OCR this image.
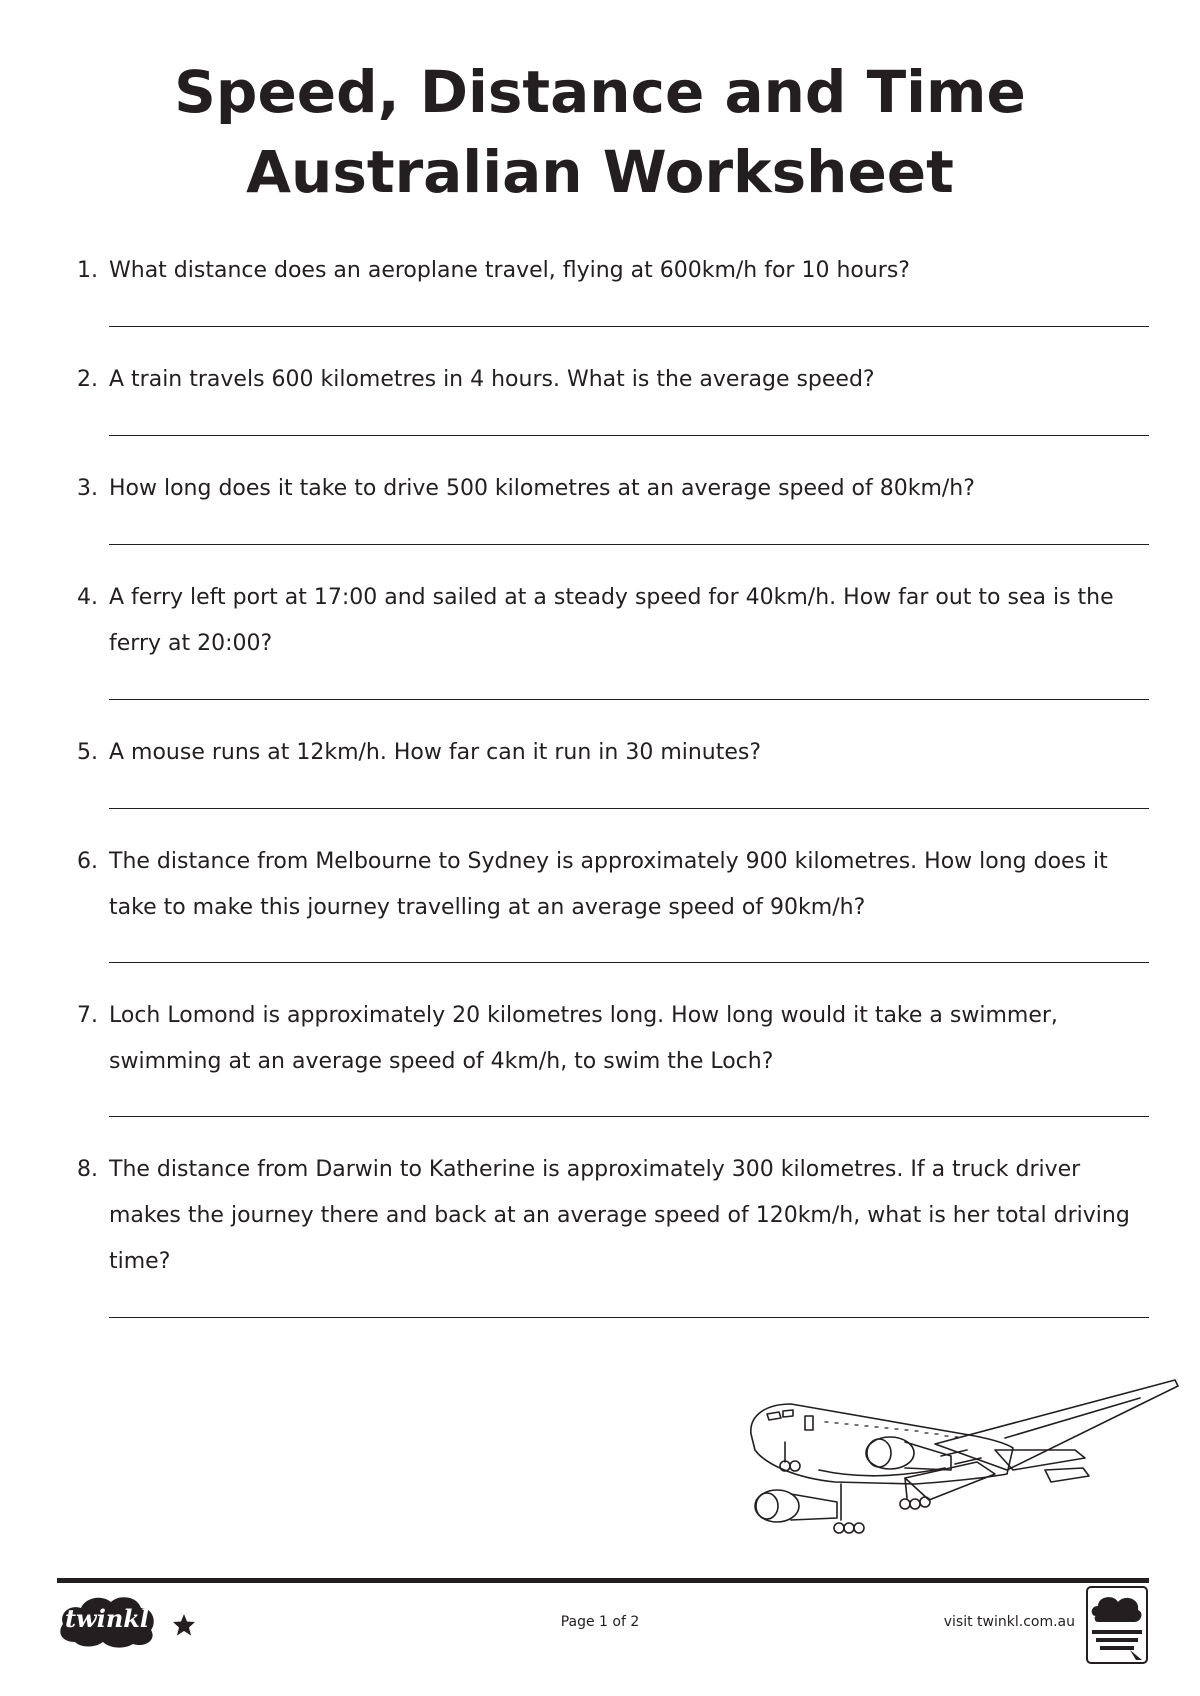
Speed, Distance and Time
Australian Worksheet
1. What distance does an aeroplane travel, flying at 600km/h for 10 hours?
2. A train travels 600 kilometres in 4 hours. What is the average speed?
3. How long does it take to drive 500 kilometres at an average speed of 80km/h?
4. A ferry left port at 17:00 and sailed at a steady speed for 40km/h. How far out to sea is the ferry at 20:00?
5. A mouse runs at 12km/h. How far can it run in 30 minutes?
6. The distance from Melbourne to Sydney is approximately 900 kilometres. How long does it take to make this journey travelling at an average speed of 90km/h?
7. Loch Lomond is approximately 20 kilometres long. How long would it take a swimmer, swimming at an average speed of 4km/h, to swim the Loch?
8. The distance from Darwin to Katherine is approximately 300 kilometres. If a truck driver makes the journey there and back at an average speed of 120km/h, what is her total driving time?
twinkl	Page 1 of 2	visit twinkl.com.au
